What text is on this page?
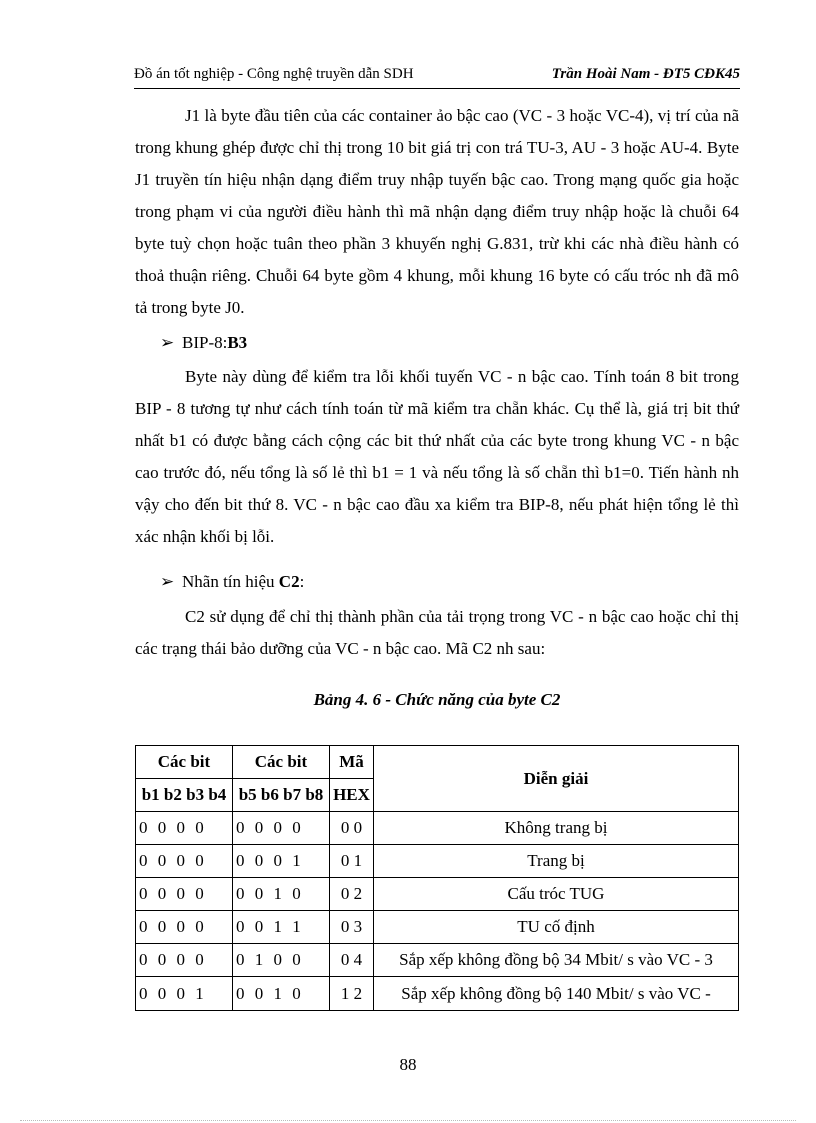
Đồ án tốt nghiệp - Công nghệ truyền dẫn SDH	Trần Hoài Nam - ĐT5 CĐK45

J1 là byte đầu tiên của các container ảo bậc cao (VC - 3 hoặc VC-4), vị trí của nã trong khung ghép được chỉ thị trong 10 bit giá trị con trá TU-3, AU - 3 hoặc AU-4. Byte J1 truyền tín hiệu nhận dạng điểm truy nhập tuyến bậc cao. Trong mạng quốc gia hoặc trong phạm vi của người điều hành thì mã nhận dạng điểm truy nhập hoặc là chuỗi 64 byte tuỳ chọn hoặc tuân theo phần 3 khuyến nghị G.831, trừ khi các nhà điều hành có thoả thuận riêng. Chuỗi 64 byte gồm 4 khung, mỗi khung 16 byte có cấu tróc nh đã mô tả trong byte J0.

➢ BIP-8:B3

Byte này dùng để kiểm tra lỗi khối tuyến VC - n bậc cao. Tính toán 8 bit trong BIP - 8 tương tự như cách tính toán từ mã kiểm tra chẵn khác. Cụ thể là, giá trị bit thứ nhất b1 có được bằng cách cộng các bit thứ nhất của các byte trong khung VC - n bậc cao trước đó, nếu tổng là số lẻ thì b1 = 1 và nếu tổng là số chẵn thì b1=0. Tiến hành nh vậy cho đến bit thứ 8. VC - n bậc cao đầu xa kiểm tra BIP-8, nếu phát hiện tổng lẻ thì xác nhận khối bị lỗi.

➢ Nhãn tín hiệu C2:

C2 sử dụng để chỉ thị thành phần của tải trọng trong VC - n bậc cao hoặc chỉ thị các trạng thái bảo dưỡng của VC - n bậc cao. Mã C2 nh sau:

Bảng 4. 6 - Chức năng của byte C2
Các bit	Các bit	Mã	Diễn giải
b1 b2 b3 b4	b5 b6 b7 b8	HEX	
0 0 0 0	0 0 0 0	0 0	Không trang bị
0 0 0 0	0 0 0 1	0 1	Trang bị
0 0 0 0	0 0 1 0	0 2	Cấu tróc TUG
0 0 0 0	0 0 1 1	0 3	TU cố định
0 0 0 0	0 1 0 0	0 4	Sắp xếp không đồng bộ 34 Mbit/ s vào VC - 3
0 0 0 1	0 0 1 0	1 2	Sắp xếp không đồng bộ 140 Mbit/ s vào VC -
88
